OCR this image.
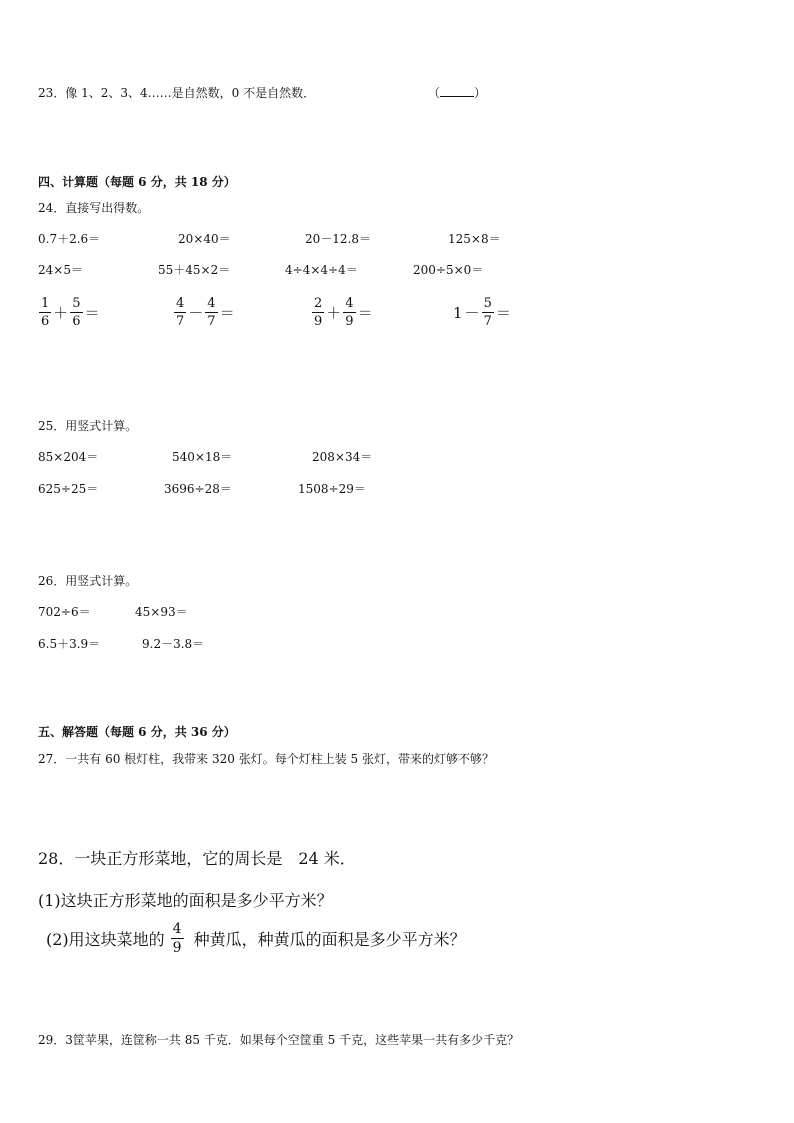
23．像 1、2、3、4……是自然数，0 不是自然数．	（	）
四、计算题（每题 6 分，共 18 分）
24．直接写出得数。
0.7＋2.6＝	20×40＝	20－12.8＝	125×8＝
24×5＝	55＋45×2＝	4÷4×4÷4＝	200÷5×0＝
$\frac{1}{6} + \frac{5}{6}$ ＝	$\frac{4}{7} - \frac{4}{7}$ ＝	$\frac{2}{9} + \frac{4}{9}$ ＝	$1 - \frac{5}{7}$ ＝
25．用竖式计算。
85×204＝	540×18＝	208×34＝
625÷25＝	3696÷28＝	1508÷29＝
26．用竖式计算。
702÷6＝	45×93＝
6.5＋3.9＝	9.2－3.8＝
五、解答题（每题 6 分，共 36 分）
27．一共有 60 根灯柱，我带来 320 张灯。每个灯柱上装 5 张灯，带来的灯够不够？
28．一块正方形菜地，它的周长是　24 米．
(1)这块正方形菜地的面积是多少平方米？
(2)用这块菜地的 $\frac{4}{9}$ 种黄瓜，种黄瓜的面积是多少平方米？
29．3筐苹果，连筐称一共 85 千克．如果每个空筐重 5 千克，这些苹果一共有多少千克？
